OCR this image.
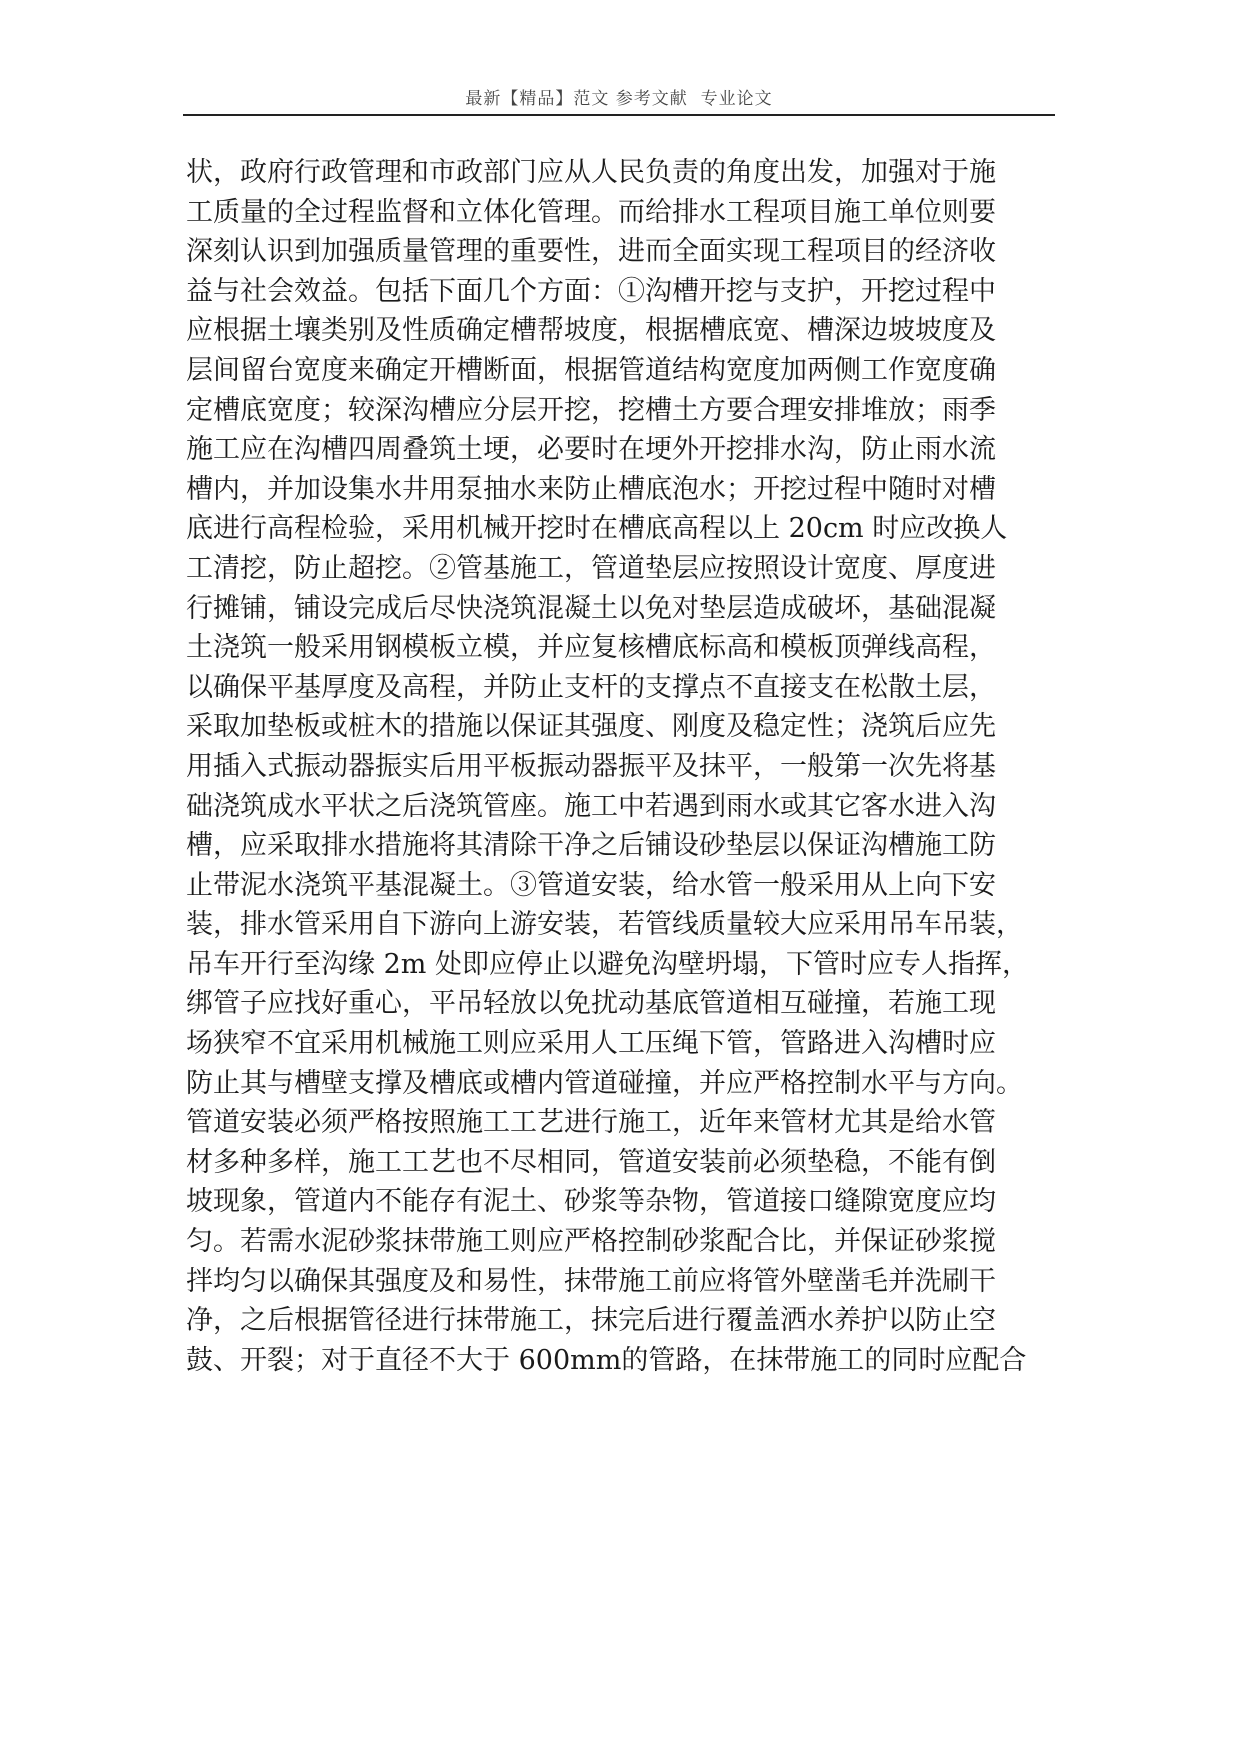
最新【精品】范文 参考文献  专业论文
状，政府行政管理和市政部门应从人民负责的角度出发，加强对于施
工质量的全过程监督和立体化管理。而给排水工程项目施工单位则要
深刻认识到加强质量管理的重要性，进而全面实现工程项目的经济收
益与社会效益。包括下面几个方面：①沟槽开挖与支护，开挖过程中
应根据土壤类别及性质确定槽帮坡度，根据槽底宽、槽深边坡坡度及
层间留台宽度来确定开槽断面，根据管道结构宽度加两侧工作宽度确
定槽底宽度；较深沟槽应分层开挖，挖槽土方要合理安排堆放；雨季
施工应在沟槽四周叠筑土埂，必要时在埂外开挖排水沟，防止雨水流
槽内，并加设集水井用泵抽水来防止槽底泡水；开挖过程中随时对槽
底进行高程检验，采用机械开挖时在槽底高程以上 20cm 时应改换人
工清挖，防止超挖。②管基施工，管道垫层应按照设计宽度、厚度进
行摊铺，铺设完成后尽快浇筑混凝土以免对垫层造成破坏，基础混凝
土浇筑一般采用钢模板立模，并应复核槽底标高和模板顶弹线高程，
以确保平基厚度及高程，并防止支杆的支撑点不直接支在松散土层，
采取加垫板或桩木的措施以保证其强度、刚度及稳定性；浇筑后应先
用插入式振动器振实后用平板振动器振平及抹平，一般第一次先将基
础浇筑成水平状之后浇筑管座。施工中若遇到雨水或其它客水进入沟
槽，应采取排水措施将其清除干净之后铺设砂垫层以保证沟槽施工防
止带泥水浇筑平基混凝土。③管道安装，给水管一般采用从上向下安
装，排水管采用自下游向上游安装，若管线质量较大应采用吊车吊装，
吊车开行至沟缘 2m 处即应停止以避免沟壁坍塌，下管时应专人指挥，
绑管子应找好重心，平吊轻放以免扰动基底管道相互碰撞，若施工现
场狭窄不宜采用机械施工则应采用人工压绳下管，管路进入沟槽时应
防止其与槽壁支撑及槽底或槽内管道碰撞，并应严格控制水平与方向。
管道安装必须严格按照施工工艺进行施工，近年来管材尤其是给水管
材多种多样，施工工艺也不尽相同，管道安装前必须垫稳，不能有倒
坡现象，管道内不能存有泥土、砂浆等杂物，管道接口缝隙宽度应均
匀。若需水泥砂浆抹带施工则应严格控制砂浆配合比，并保证砂浆搅
拌均匀以确保其强度及和易性，抹带施工前应将管外壁凿毛并洗刷干
净，之后根据管径进行抹带施工，抹完后进行覆盖洒水养护以防止空
鼓、开裂；对于直径不大于 600mm的管路，在抹带施工的同时应配合
